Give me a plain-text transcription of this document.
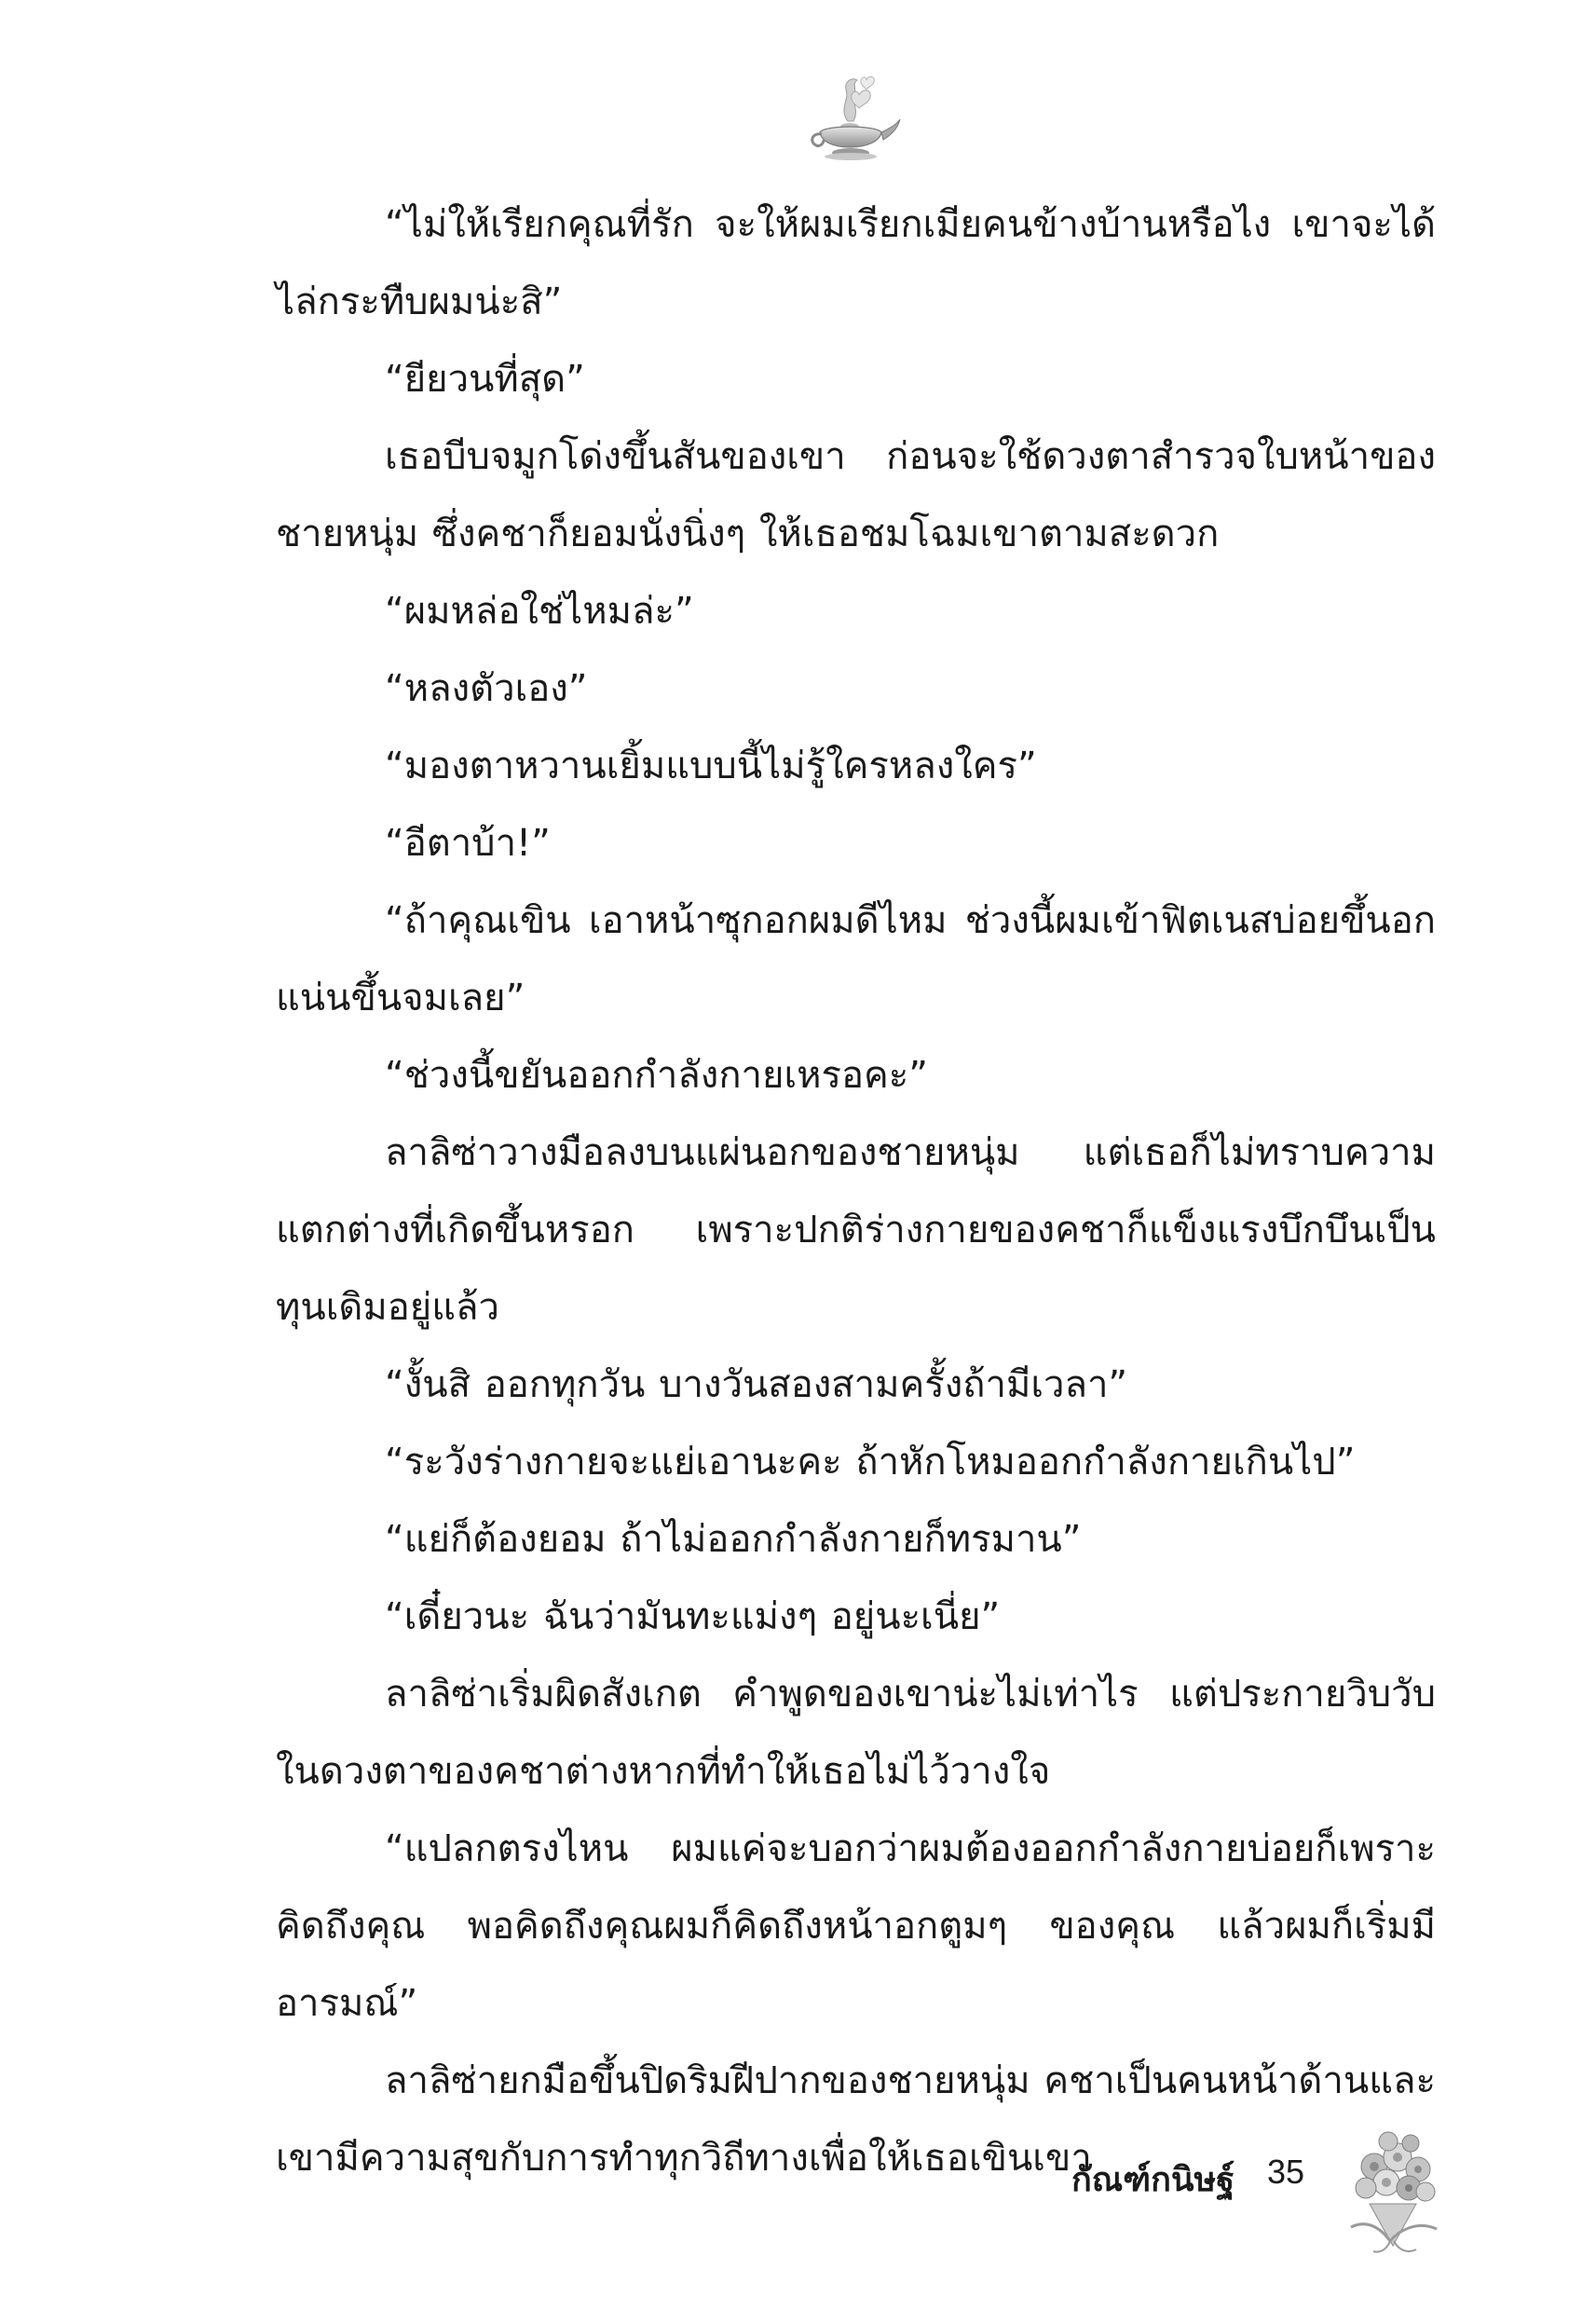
“ไม่ให้เรียกคุณที่รัก จะให้ผมเรียกเมียคนข้างบ้านหรือไง เขาจะได้ไล่กระทืบผมน่ะสิ”

“ยียวนที่สุด”

เธอบีบจมูกโด่งขึ้นสันของเขา ก่อนจะใช้ดวงตาสำรวจใบหน้าของชายหนุ่ม ซึ่งคชาก็ยอมนั่งนิ่งๆ ให้เธอชมโฉมเขาตามสะดวก

“ผมหล่อใช่ไหมล่ะ”

“หลงตัวเอง”

“มองตาหวานเยิ้มแบบนี้ไม่รู้ใครหลงใคร”

“อีตาบ้า!”

“ถ้าคุณเขิน เอาหน้าซุกอกผมดีไหม ช่วงนี้ผมเข้าฟิตเนสบ่อยขึ้นอกแน่นขึ้นจมเลย”

“ช่วงนี้ขยันออกกำลังกายเหรอคะ”

ลาลิซ่าวางมือลงบนแผ่นอกของชายหนุ่ม แต่เธอก็ไม่ทราบความแตกต่างที่เกิดขึ้นหรอก เพราะปกติร่างกายของคชาก็แข็งแรงบึกบึนเป็นทุนเดิมอยู่แล้ว

“งั้นสิ ออกทุกวัน บางวันสองสามครั้งถ้ามีเวลา”

“ระวังร่างกายจะแย่เอานะคะ ถ้าหักโหมออกกำลังกายเกินไป”

“แย่ก็ต้องยอม ถ้าไม่ออกกำลังกายก็ทรมาน”

“เดี๋ยวนะ ฉันว่ามันทะแม่งๆ อยู่นะเนี่ย”

ลาลิซ่าเริ่มผิดสังเกต คำพูดของเขาน่ะไม่เท่าไร แต่ประกายวิบวับในดวงตาของคชาต่างหากที่ทำให้เธอไม่ไว้วางใจ

“แปลกตรงไหน ผมแค่จะบอกว่าผมต้องออกกำลังกายบ่อยก็เพราะคิดถึงคุณ พอคิดถึงคุณผมก็คิดถึงหน้าอกตูมๆ ของคุณ แล้วผมก็เริ่มมีอารมณ์”

ลาลิซ่ายกมือขึ้นปิดริมฝีปากของชายหนุ่ม คชาเป็นคนหน้าด้านและเขามีความสุขกับการทำทุกวิถีทางเพื่อให้เธอเขินเขา

กัณฑ์กนิษฐ์ 35
